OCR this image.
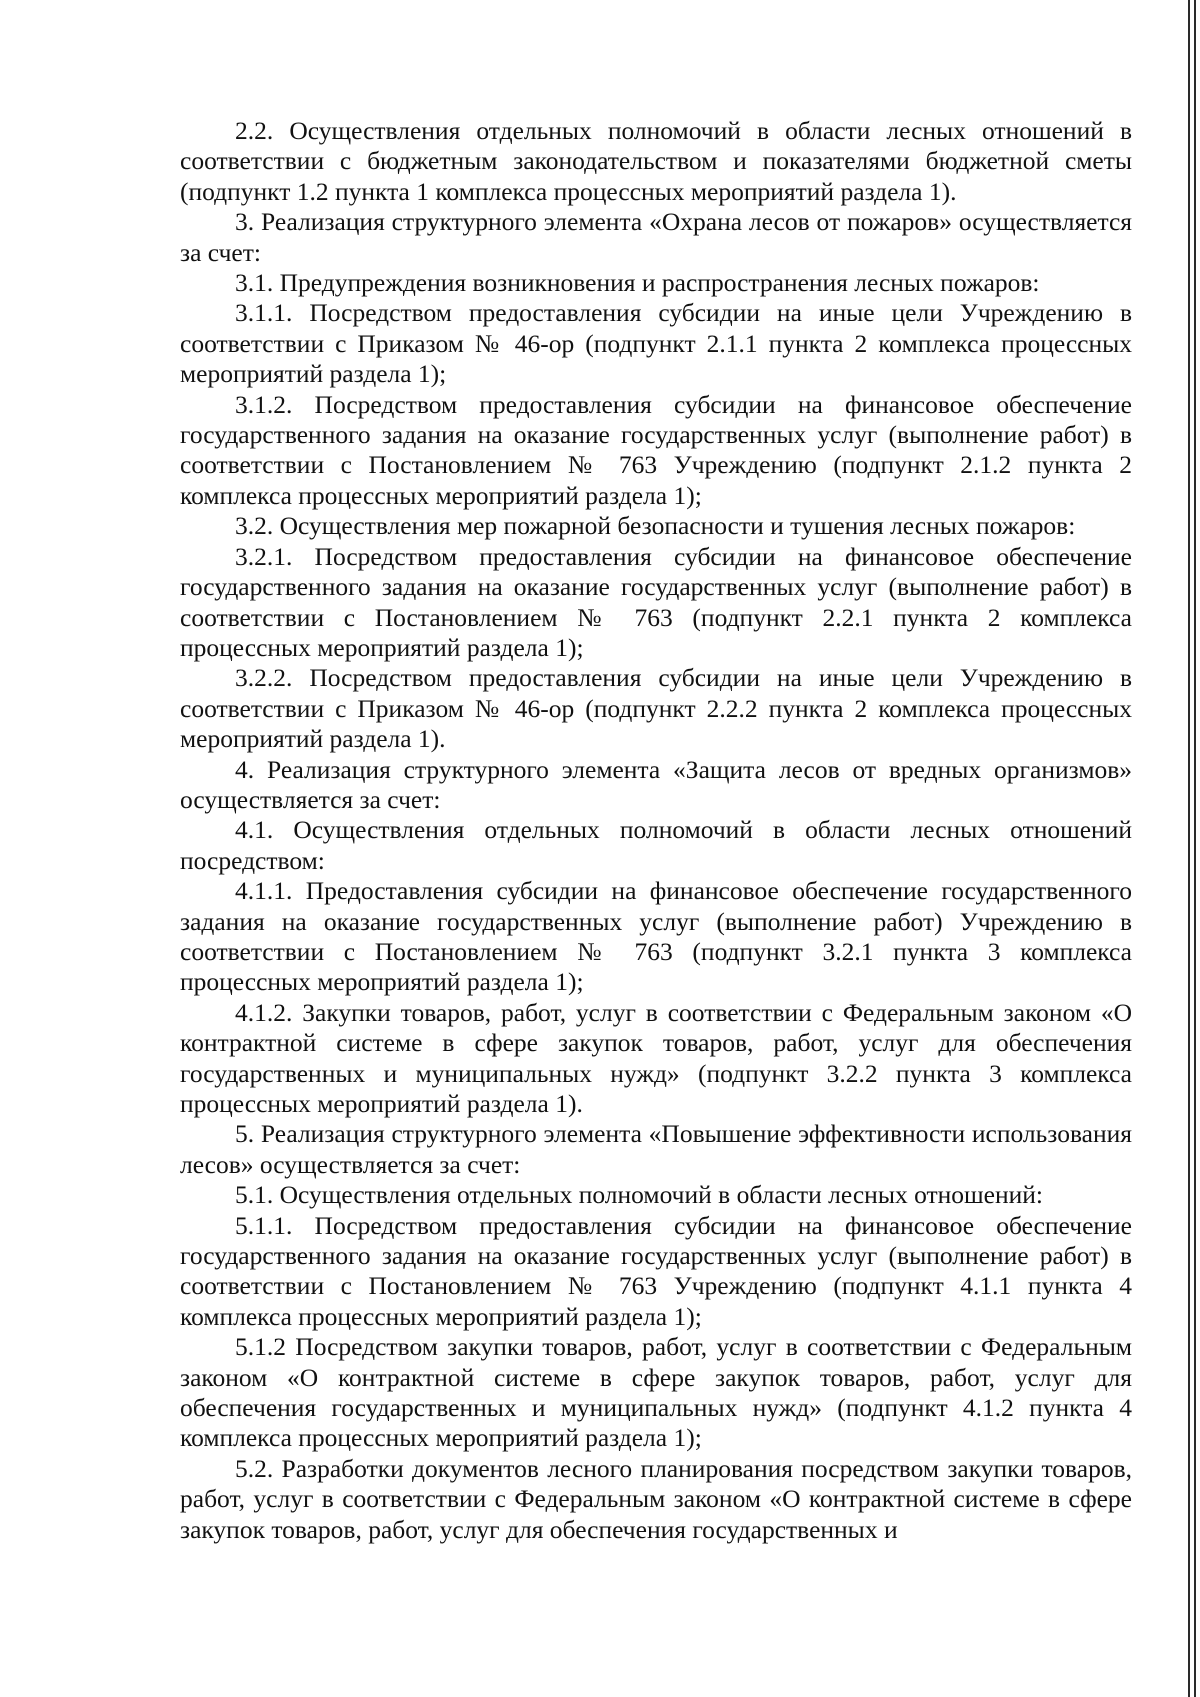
2.2. Осуществления отдельных полномочий в области лесных отношений в соответствии с бюджетным законодательством и показателями бюджетной сметы (подпункт 1.2 пункта 1 комплекса процессных мероприятий раздела 1).

3. Реализация структурного элемента «Охрана лесов от пожаров» осуществляется за счет:

3.1. Предупреждения возникновения и распространения лесных пожаров:

3.1.1. Посредством предоставления субсидии на иные цели Учреждению в соответствии с Приказом № 46-ор (подпункт 2.1.1 пункта 2 комплекса процессных мероприятий раздела 1);

3.1.2. Посредством предоставления субсидии на финансовое обеспечение государственного задания на оказание государственных услуг (выполнение работ) в соответствии с Постановлением № 763 Учреждению (подпункт 2.1.2 пункта 2 комплекса процессных мероприятий раздела 1);

3.2. Осуществления мер пожарной безопасности и тушения лесных пожаров:

3.2.1. Посредством предоставления субсидии на финансовое обеспечение государственного задания на оказание государственных услуг (выполнение работ) в соответствии с Постановлением № 763 (подпункт 2.2.1 пункта 2 комплекса процессных мероприятий раздела 1);

3.2.2. Посредством предоставления субсидии на иные цели Учреждению в соответствии с Приказом № 46-ор (подпункт 2.2.2 пункта 2 комплекса процессных мероприятий раздела 1).

4. Реализация структурного элемента «Защита лесов от вредных организмов» осуществляется за счет:

4.1. Осуществления отдельных полномочий в области лесных отношений посредством:

4.1.1. Предоставления субсидии на финансовое обеспечение государственного задания на оказание государственных услуг (выполнение работ) Учреждению в соответствии с Постановлением № 763 (подпункт 3.2.1 пункта 3 комплекса процессных мероприятий раздела 1);

4.1.2. Закупки товаров, работ, услуг в соответствии с Федеральным законом «О контрактной системе в сфере закупок товаров, работ, услуг для обеспечения государственных и муниципальных нужд» (подпункт 3.2.2 пункта 3 комплекса процессных мероприятий раздела 1).

5. Реализация структурного элемента «Повышение эффективности использования лесов» осуществляется за счет:

5.1. Осуществления отдельных полномочий в области лесных отношений:

5.1.1. Посредством предоставления субсидии на финансовое обеспечение государственного задания на оказание государственных услуг (выполнение работ) в соответствии с Постановлением № 763 Учреждению (подпункт 4.1.1 пункта 4 комплекса процессных мероприятий раздела 1);

5.1.2 Посредством закупки товаров, работ, услуг в соответствии с Федеральным законом «О контрактной системе в сфере закупок товаров, работ, услуг для обеспечения государственных и муниципальных нужд» (подпункт 4.1.2 пункта 4 комплекса процессных мероприятий раздела 1);

5.2. Разработки документов лесного планирования посредством закупки товаров, работ, услуг в соответствии с Федеральным законом «О контрактной системе в сфере закупок товаров, работ, услуг для обеспечения государственных и
